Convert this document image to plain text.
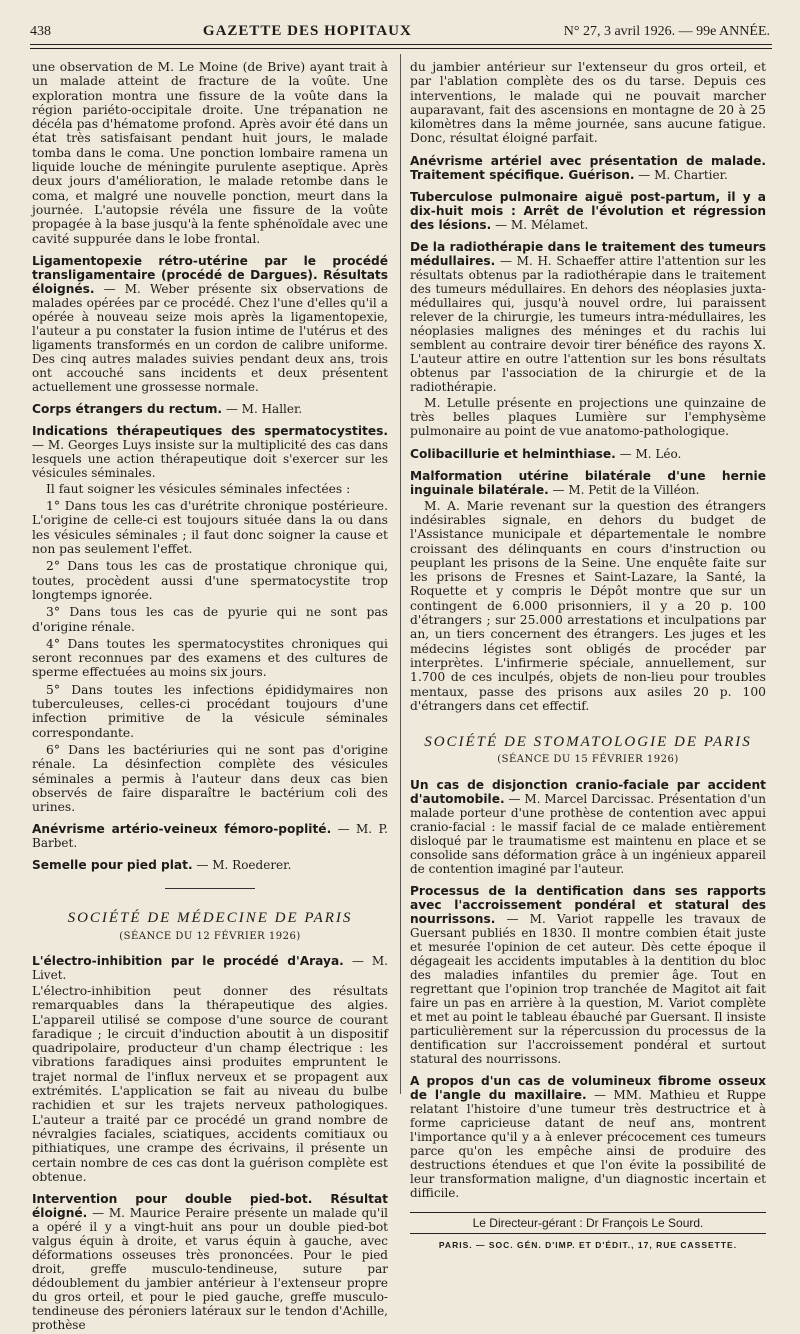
438	GAZETTE DES HOPITAUX	N° 27, 3 avril 1926. — 99e ANNÉE.

une observation de M. Le Moine (de Brive) ayant trait à un malade atteint de fracture de la voûte. Une exploration montra une fissure de la voûte dans la région pariéto-occipitale droite. Une trépanation ne décéla pas d'hématome profond. Après avoir été dans un état très satisfaisant pendant huit jours, le malade tomba dans le coma. Une ponction lombaire ramena un liquide louche de méningite purulente aseptique. Après deux jours d'amélioration, le malade retombe dans le coma, et malgré une nouvelle ponction, meurt dans la journée. L'autopsie révéla une fissure de la voûte propagée à la base jusqu'à la fente sphénoïdale avec une cavité suppurée dans le lobe frontal.

Ligamentopexie rétro-utérine par le procédé transligamentaire (procédé de Dargues). Résultats éloignés. — M. Weber présente six observations de malades opérées par ce procédé. Chez l'une d'elles qu'il a opérée à nouveau seize mois après la ligamentopexie, l'auteur a pu constater la fusion intime de l'utérus et des ligaments transformés en un cordon de calibre uniforme. Des cinq autres malades suivies pendant deux ans, trois ont accouché sans incidents et deux présentent actuellement une grossesse normale.

Corps étrangers du rectum. — M. Haller.

Indications thérapeutiques des spermatocystites. — M. Georges Luys insiste sur la multiplicité des cas dans lesquels une action thérapeutique doit s'exercer sur les vésicules séminales.

Il faut soigner les vésicules séminales infectées :

1° Dans tous les cas d'urétrite chronique postérieure. L'origine de celle-ci est toujours située dans la ou dans les vésicules séminales ; il faut donc soigner la cause et non pas seulement l'effet.

2° Dans tous les cas de prostatique chronique qui, toutes, procèdent aussi d'une spermatocystite trop longtemps ignorée.

3° Dans tous les cas de pyurie qui ne sont pas d'origine rénale.

4° Dans toutes les spermatocystites chroniques qui seront reconnues par des examens et des cultures de sperme effectuées au moins six jours.

5° Dans toutes les infections épididymaires non tuberculeuses, celles-ci procédant toujours d'une infection primitive de la vésicule séminales correspondante.

6° Dans les bactériuries qui ne sont pas d'origine rénale. La désinfection complète des vésicules séminales a permis à l'auteur dans deux cas bien observés de faire disparaître le bactérium coli des urines.

Anévrisme artério-veineux fémoro-poplité. — M. P. Barbet.

Semelle pour pied plat. — M. Roederer.

SOCIÉTÉ DE MÉDECINE DE PARIS
(SÉANCE DU 12 FÉVRIER 1926)

L'électro-inhibition par le procédé d'Araya. — M. Livet.

L'électro-inhibition peut donner des résultats remarquables dans la thérapeutique des algies. L'appareil utilisé se compose d'une source de courant faradique ; le circuit d'induction aboutit à un dispositif quadripolaire, producteur d'un champ électrique : les vibrations faradiques ainsi produites empruntent le trajet normal de l'influx nerveux et se propagent aux extrémités. L'application se fait au niveau du bulbe rachidien et sur les trajets nerveux pathologiques. L'auteur a traité par ce procédé un grand nombre de névralgies faciales, sciatiques, accidents comitiaux ou pithiatiques, une crampe des écrivains, il présente un certain nombre de ces cas dont la guérison complète est obtenue.

Intervention pour double pied-bot. Résultat éloigné. — M. Maurice Peraire présente un malade qu'il a opéré il y a vingt-huit ans pour un double pied-bot valgus équin à droite, et varus équin à gauche, avec déformations osseuses très prononcées. Pour le pied droit, greffe musculo-tendineuse, suture par dédoublement du jambier antérieur à l'extenseur propre du gros orteil, et pour le pied gauche, greffe musculo-tendineuse des péroniers latéraux sur le tendon d'Achille, prothèse

du jambier antérieur sur l'extenseur du gros orteil, et par l'ablation complète des os du tarse. Depuis ces interventions, le malade qui ne pouvait marcher auparavant, fait des ascensions en montagne de 20 à 25 kilomètres dans la même journée, sans aucune fatigue. Donc, résultat éloigné parfait.

Anévrisme artériel avec présentation de malade. Traitement spécifique. Guérison. — M. Chartier.

Tuberculose pulmonaire aiguë post-partum, il y a dix-huit mois : Arrêt de l'évolution et régression des lésions. — M. Mélamet.

De la radiothérapie dans le traitement des tumeurs médullaires. — M. H. Schaeffer attire l'attention sur les résultats obtenus par la radiothérapie dans le traitement des tumeurs médullaires. En dehors des néoplasies juxta-médullaires qui, jusqu'à nouvel ordre, lui paraissent relever de la chirurgie, les tumeurs intra-médullaires, les néoplasies malignes des méninges et du rachis lui semblent au contraire devoir tirer bénéfice des rayons X. L'auteur attire en outre l'attention sur les bons résultats obtenus par l'association de la chirurgie et de la radiothérapie.

M. Letulle présente en projections une quinzaine de très belles plaques Lumière sur l'emphysème pulmonaire au point de vue anatomo-pathologique.

Colibacillurie et helminthiase. — M. Léo.

Malformation utérine bilatérale d'une hernie inguinale bilatérale. — M. Petit de la Villéon.

M. A. Marie revenant sur la question des étrangers indésirables signale, en dehors du budget de l'Assistance municipale et départementale le nombre croissant des délinquants en cours d'instruction ou peuplant les prisons de la Seine. Une enquête faite sur les prisons de Fresnes et Saint-Lazare, la Santé, la Roquette et y compris le Dépôt montre que sur un contingent de 6.000 prisonniers, il y a 20 p. 100 d'étrangers ; sur 25.000 arrestations et inculpations par an, un tiers concernent des étrangers. Les juges et les médecins légistes sont obligés de procéder par interprètes. L'infirmerie spéciale, annuellement, sur 1.700 de ces inculpés, objets de non-lieu pour troubles mentaux, passe des prisons aux asiles 20 p. 100 d'étrangers dans cet effectif.

SOCIÉTÉ DE STOMATOLOGIE DE PARIS
(SÉANCE DU 15 FÉVRIER 1926)

Un cas de disjonction cranio-faciale par accident d'automobile. — M. Marcel Darcissac. Présentation d'un malade porteur d'une prothèse de contention avec appui cranio-facial : le massif facial de ce malade entièrement disloqué par le traumatisme est maintenu en place et se consolide sans déformation grâce à un ingénieux appareil de contention imaginé par l'auteur.

Processus de la dentification dans ses rapports avec l'accroissement pondéral et statural des nourrissons. — M. Variot rappelle les travaux de Guersant publiés en 1830. Il montre combien était juste et mesurée l'opinion de cet auteur. Dès cette époque il dégageait les accidents imputables à la dentition du bloc des maladies infantiles du premier âge. Tout en regrettant que l'opinion trop tranchée de Magitot ait fait faire un pas en arrière à la question, M. Variot complète et met au point le tableau ébauché par Guersant. Il insiste particulièrement sur la répercussion du processus de la dentification sur l'accroissement pondéral et surtout statural des nourrissons.

A propos d'un cas de volumineux fibrome osseux de l'angle du maxillaire. — MM. Mathieu et Ruppe relatant l'histoire d'une tumeur très destructrice et à forme capricieuse datant de neuf ans, montrent l'importance qu'il y a à enlever précocement ces tumeurs parce qu'on les empêche ainsi de produire des destructions étendues et que l'on évite la possibilité de leur transformation maligne, d'un diagnostic incertain et difficile.

Le Directeur-gérant : Dr François Le Sourd.
PARIS. — SOC. GÉN. D'IMP. ET D'ÉDIT., 17, RUE CASSETTE.
